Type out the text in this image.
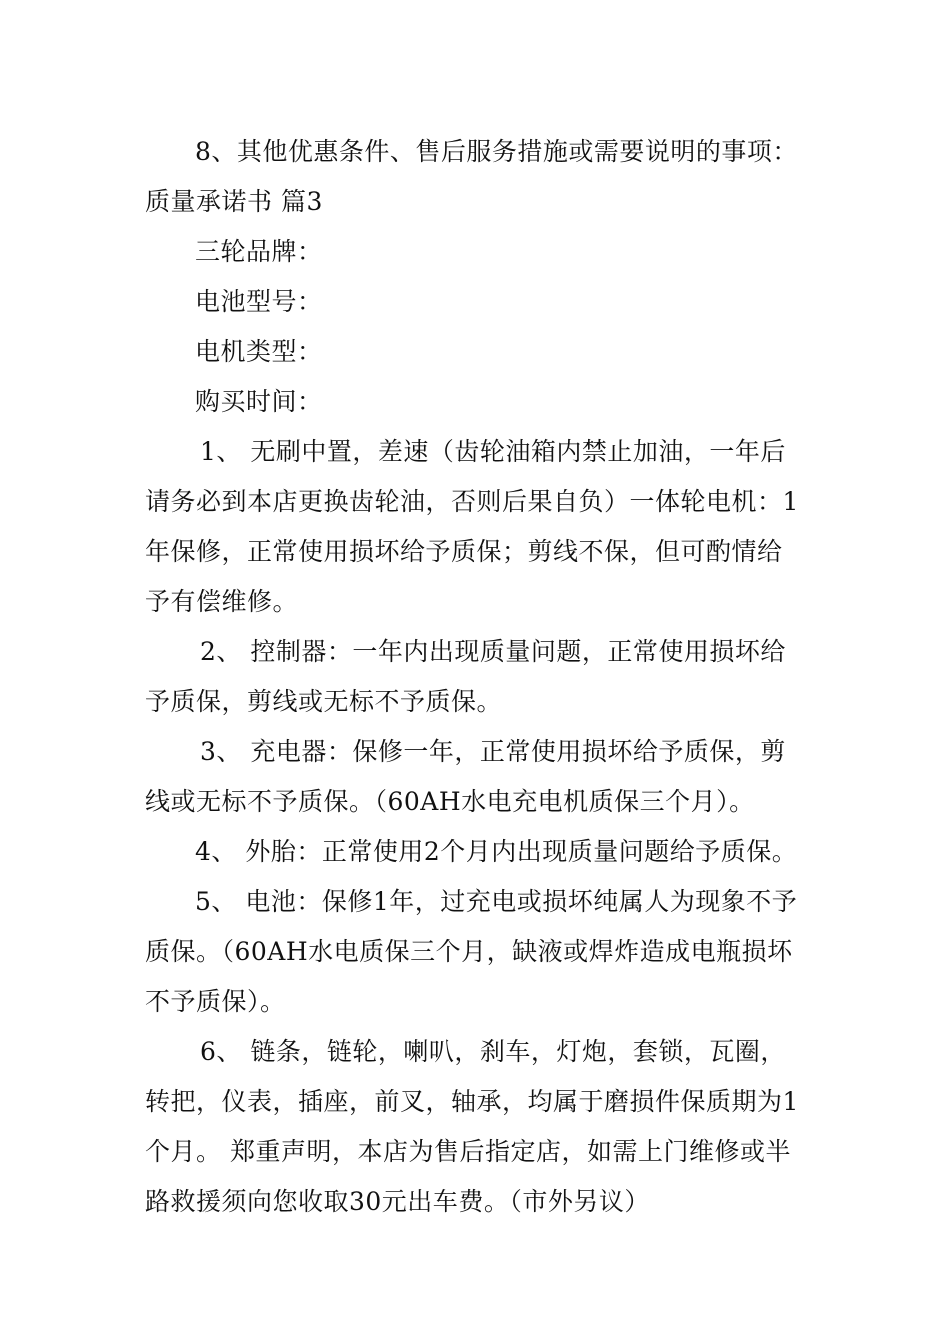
8、其他优惠条件、售后服务措施或需要说明的事项：
质量承诺书 篇3
三轮品牌：
电池型号：
电机类型：
购买时间：
1、 无刷中置，差速（齿轮油箱内禁止加油，一年后
请务必到本店更换齿轮油，否则后果自负）一体轮电机：1
年保修，正常使用损坏给予质保；剪线不保，但可酌情给
予有偿维修。
2、 控制器：一年内出现质量问题，正常使用损坏给
予质保，剪线或无标不予质保。
3、 充电器：保修一年，正常使用损坏给予质保，剪
线或无标不予质保。（60AH水电充电机质保三个月）。
4、 外胎：正常使用2个月内出现质量问题给予质保。
5、 电池：保修1年，过充电或损坏纯属人为现象不予
质保。（60AH水电质保三个月，缺液或焊炸造成电瓶损坏
不予质保）。
6、 链条，链轮，喇叭，刹车，灯炮，套锁，瓦圈，
转把，仪表，插座，前叉，轴承，均属于磨损件保质期为1
个月。 郑重声明，本店为售后指定店，如需上门维修或半
路救援须向您收取30元出车费。（市外另议）
